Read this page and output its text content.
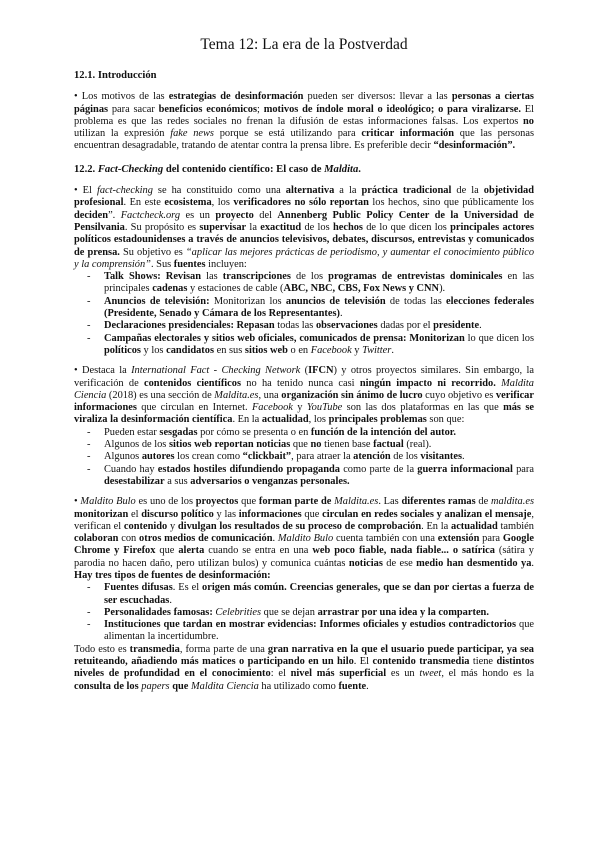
Tema 12: La era de la Postverdad
12.1. Introducción

• Los motivos de las estrategias de desinformación pueden ser diversos: llevar a las personas a ciertas páginas para sacar beneficios económicos; motivos de índole moral o ideológico; o para viralizarse. El problema es que las redes sociales no frenan la difusión de estas informaciones falsas. Los expertos no utilizan la expresión fake news porque se está utilizando para criticar información que las personas encuentran desagradable, tratando de atentar contra la prensa libre. Es preferible decir “desinformación”.

12.2. Fact-Checking del contenido científico: El caso de Maldita.

• El fact-checking se ha constituido como una alternativa a la práctica tradicional de la objetividad profesional. En este ecosistema, los verificadores no sólo reportan los hechos, sino que públicamente los deciden”. Factcheck.org es un proyecto del Annenberg Public Policy Center de la Universidad de Pensilvania. Su propósito es supervisar la exactitud de los hechos de lo que dicen los principales actores políticos estadounidenses a través de anuncios televisivos, debates, discursos, entrevistas y comunicados de prensa. Su objetivo es “aplicar las mejores prácticas de periodismo, y aumentar el conocimiento público y la comprensión”. Sus fuentes incluyen:

- Talk Shows: Revisan las transcripciones de los programas de entrevistas dominicales en las principales cadenas y estaciones de cable (ABC, NBC, CBS, Fox News y CNN).
- Anuncios de televisión: Monitorizan los anuncios de televisión de todas las elecciones federales (Presidente, Senado y Cámara de los Representantes).
- Declaraciones presidenciales: Repasan todas las observaciones dadas por el presidente.
- Campañas electorales y sitios web oficiales, comunicados de prensa: Monitorizan lo que dicen los políticos y los candidatos en sus sitios web o en Facebook y Twitter.

• Destaca la International Fact - Checking Network (IFCN) y otros proyectos similares. Sin embargo, la verificación de contenidos científicos no ha tenido nunca casi ningún impacto ni recorrido. Maldita Ciencia (2018) es una sección de Maldita.es, una organización sin ánimo de lucro cuyo objetivo es verificar informaciones que circulan en Internet. Facebook y YouTube son las dos plataformas en las que más se viraliza la desinformación científica. En la actualidad, los principales problemas son que:

- Pueden estar sesgadas por cómo se presenta o en función de la intención del autor.
- Algunos de los sitios web reportan noticias que no tienen base factual (real).
- Algunos autores los crean como “clickbait”, para atraer la atención de los visitantes.
- Cuando hay estados hostiles difundiendo propaganda como parte de la guerra informacional para desestabilizar a sus adversarios o venganzas personales.

• Maldito Bulo es uno de los proyectos que forman parte de Maldita.es. Las diferentes ramas de maldita.es monitorizan el discurso político y las informaciones que circulan en redes sociales y analizan el mensaje, verifican el contenido y divulgan los resultados de su proceso de comprobación. En la actualidad también colaboran con otros medios de comunicación. Maldito Bulo cuenta también con una extensión para Google Chrome y Firefox que alerta cuando se entra en una web poco fiable, nada fiable... o satírica (sátira y parodia no hacen daño, pero utilizan bulos) y comunica cuántas noticias de ese medio han desmentido ya. Hay tres tipos de fuentes de desinformación:

- Fuentes difusas. Es el origen más común. Creencias generales, que se dan por ciertas a fuerza de ser escuchadas.
- Personalidades famosas: Celebrities que se dejan arrastrar por una idea y la comparten.
- Instituciones que tardan en mostrar evidencias: Informes oficiales y estudios contradictorios que alimentan la incertidumbre.

Todo esto es transmedia, forma parte de una gran narrativa en la que el usuario puede participar, ya sea retuiteando, añadiendo más matices o participando en un hilo. El contenido transmedia tiene distintos niveles de profundidad en el conocimiento: el nivel más superficial es un tweet, el más hondo es la consulta de los papers que Maldita Ciencia ha utilizado como fuente.
